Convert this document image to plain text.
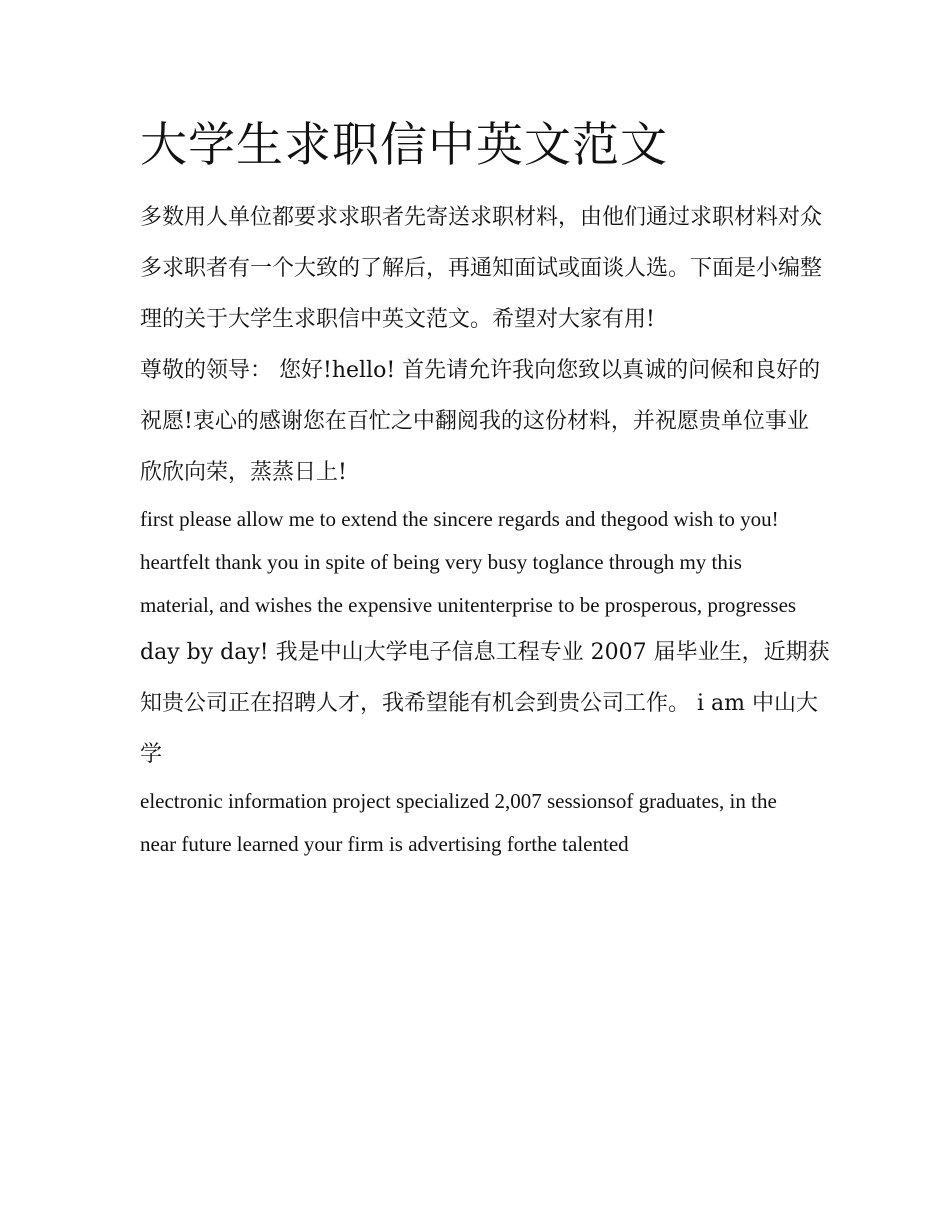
大学生求职信中英文范文

多数用人单位都要求求职者先寄送求职材料，由他们通过求职材料对众多求职者有一个大致的了解后，再通知面试或面谈人选。下面是小编整理的关于大学生求职信中英文范文。希望对大家有用!

尊敬的领导： 您好!hello! 首先请允许我向您致以真诚的问候和良好的祝愿!衷心的感谢您在百忙之中翻阅我的这份材料，并祝愿贵单位事业欣欣向荣，蒸蒸日上!

first please allow me to extend the sincere regards and thegood wish to you!

heartfelt thank you in spite of being very busy toglance through my this

material, and wishes the expensive unitenterprise to be prosperous, progresses

day by day! 我是中山大学电子信息工程专业 2007 届毕业生，近期获知贵公司正在招聘人才，我希望能有机会到贵公司工作。 i am 中山大学

electronic information project specialized 2,007 sessionsof graduates, in the

near future learned your firm is advertising forthe talented
